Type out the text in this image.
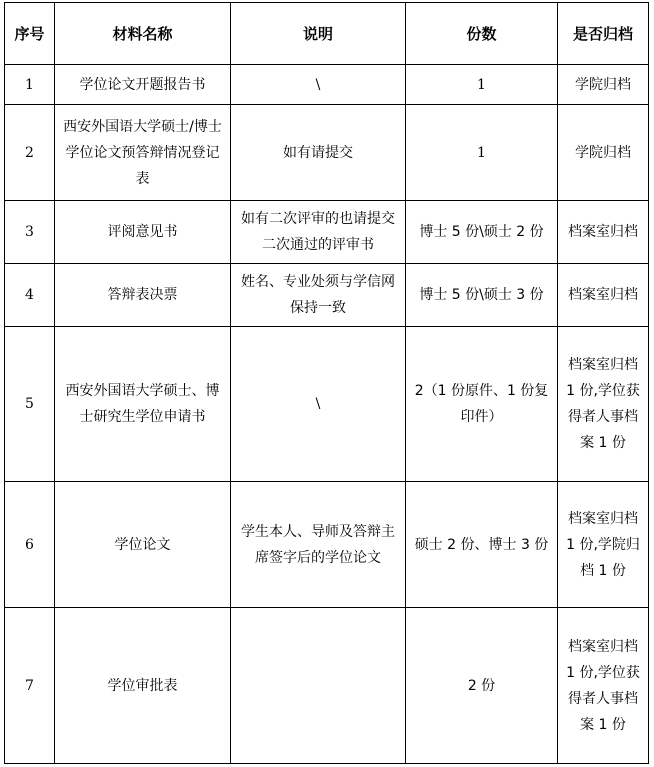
序号	材料名称	说明	份数	是否归档
1	学位论文开题报告书	\	1	学院归档
2	西安外国语大学硕士/博士学位论文预答辩情况登记表	如有请提交	1	学院归档
3	评阅意见书	如有二次评审的也请提交二次通过的评审书	博士 5 份\硕士 2 份	档案室归档
4	答辩表决票	姓名、专业处须与学信网保持一致	博士 5 份\硕士 3 份	档案室归档
5	西安外国语大学硕士、博士研究生学位申请书	\	2（1 份原件、1 份复印件）	档案室归档 1 份,学位获得者人事档案 1 份
6	学位论文	学生本人、导师及答辩主席签字后的学位论文	硕士 2 份、博士 3 份	档案室归档 1 份,学院归档 1 份
7	学位审批表		2 份	档案室归档 1 份,学位获得者人事档案 1 份
